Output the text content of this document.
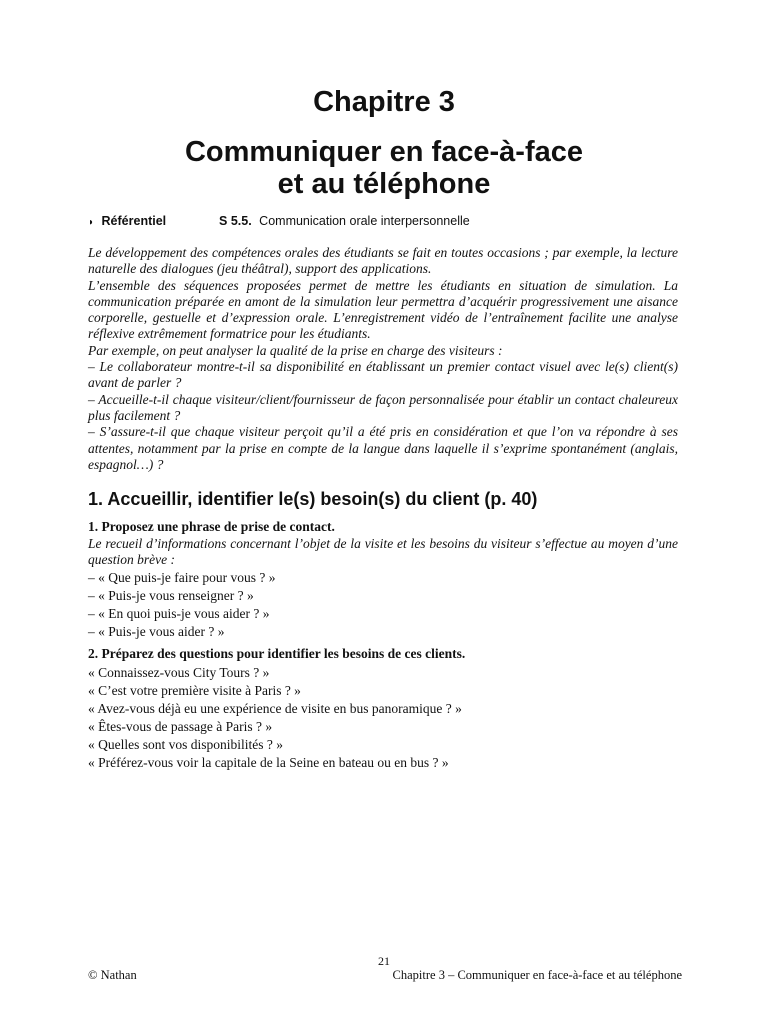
Chapitre 3
Communiquer en face-à-face
et au téléphone
◗ Référentiel	S 5.5. Communication orale interpersonnelle

Le développement des compétences orales des étudiants se fait en toutes occasions ; par exemple, la lecture naturelle des dialogues (jeu théâtral), support des applications.

L’ensemble des séquences proposées permet de mettre les étudiants en situation de simulation. La communication préparée en amont de la simulation leur permettra d’acquérir progressivement une aisance corporelle, gestuelle et d’expression orale. L’enregistrement vidéo de l’entraînement facilite une analyse réflexive extrêmement formatrice pour les étudiants.

Par exemple, on peut analyser la qualité de la prise en charge des visiteurs :

– Le collaborateur montre-t-il sa disponibilité en établissant un premier contact visuel avec le(s) client(s) avant de parler ?

– Accueille-t-il chaque visiteur/client/fournisseur de façon personnalisée pour établir un contact chaleureux plus facilement ?

– S’assure-t-il que chaque visiteur perçoit qu’il a été pris en considération et que l’on va répondre à ses attentes, notamment par la prise en compte de la langue dans laquelle il s’exprime spontanément (anglais, espagnol…) ?

1. Accueillir, identifier le(s) besoin(s) du client (p. 40)

1. Proposez une phrase de prise de contact.

Le recueil d’informations concernant l’objet de la visite et les besoins du visiteur s’effectue au moyen d’une question brève :

– « Que puis-je faire pour vous ? »
– « Puis-je vous renseigner ? »
– « En quoi puis-je vous aider ? »
– « Puis-je vous aider ? »

2. Préparez des questions pour identifier les besoins de ces clients.

« Connaissez-vous City Tours ? »
« C’est votre première visite à Paris ? »
« Avez-vous déjà eu une expérience de visite en bus panoramique ? »
« Êtes-vous de passage à Paris ? »
« Quelles sont vos disponibilités ? »
« Préférez-vous voir la capitale de la Seine en bateau ou en bus ? »
21
© Nathan	Chapitre 3 – Communiquer en face-à-face et au téléphone
